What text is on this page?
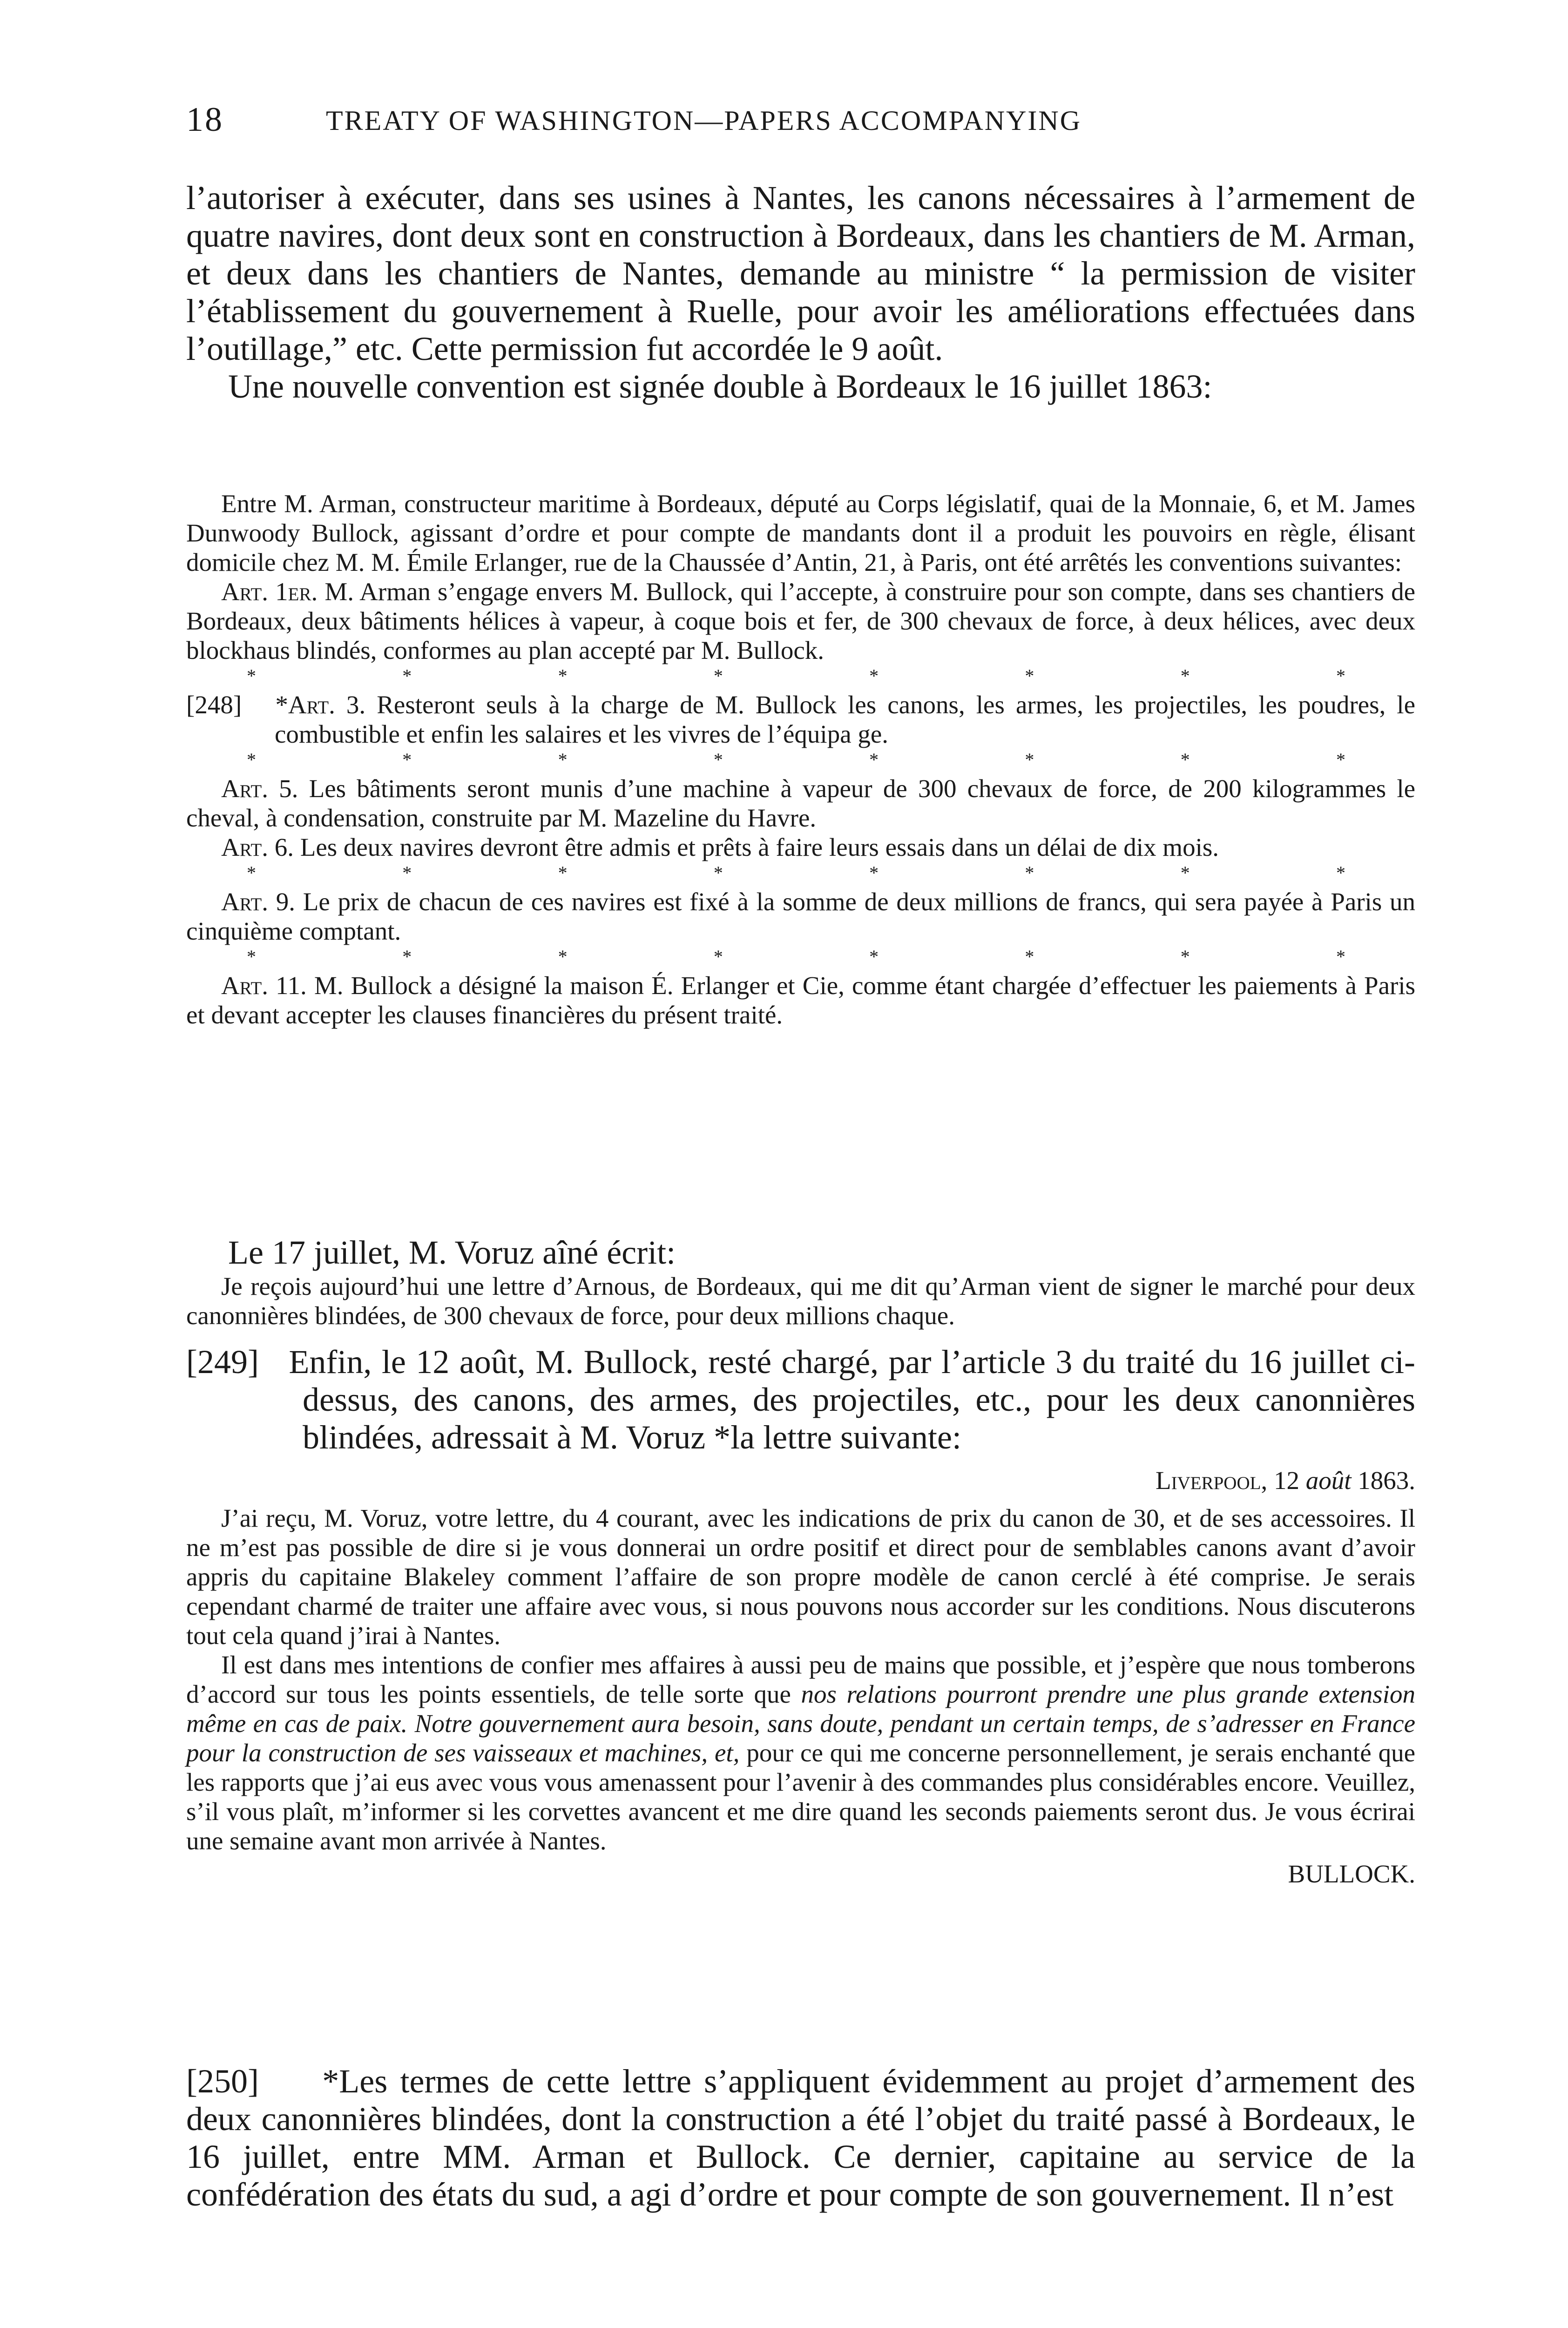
18	TREATY OF WASHINGTON—PAPERS ACCOMPANYING

l’autoriser à exécuter, dans ses usines à Nantes, les canons nécessaires à l’armement de quatre navires, dont deux sont en construction à Bordeaux, dans les chantiers de M. Arman, et deux dans les chantiers de Nantes, demande au ministre “ la permission de visiter l’établissement du gouvernement à Ruelle, pour avoir les améliorations effectuées dans l’outillage,” etc. Cette permission fut accordée le 9 août.

Une nouvelle convention est signée double à Bordeaux le 16 juillet 1863:

Entre M. Arman, constructeur maritime à Bordeaux, député au Corps législatif, quai de la Monnaie, 6, et M. James Dunwoody Bullock, agissant d’ordre et pour compte de mandants dont il a produit les pouvoirs en règle, élisant domicile chez M. M. Émile Erlanger, rue de la Chaussée d’Antin, 21, à Paris, ont été arrêtés les conventions suivantes:

Art. 1er. M. Arman s’engage envers M. Bullock, qui l’accepte, à construire pour son compte, dans ses chantiers de Bordeaux, deux bâtiments hélices à vapeur, à coque bois et fer, de 300 chevaux de force, à deux hélices, avec deux blockhaus blindés, conformes au plan accepté par M. Bullock.

*	*	*	*	*	*	*	*

[248] *Art. 3. Resteront seuls à la charge de M. Bullock les canons, les armes, les projectiles, les poudres, le combustible et enfin les salaires et les vivres de l’équipa ge.

*	*	*	*	*	*	*	*

Art. 5. Les bâtiments seront munis d’une machine à vapeur de 300 chevaux de force, de 200 kilogrammes le cheval, à condensation, construite par M. Mazeline du Havre.

Art. 6. Les deux navires devront être admis et prêts à faire leurs essais dans un délai de dix mois.

*	*	*	*	*	*	*	*

Art. 9. Le prix de chacun de ces navires est fixé à la somme de deux millions de francs, qui sera payée à Paris un cinquième comptant.

*	*	*	*	*	*	*	*

Art. 11. M. Bullock a désigné la maison É. Erlanger et Cie, comme étant chargée d’effectuer les paiements à Paris et devant accepter les clauses financières du présent traité.

Le 17 juillet, M. Voruz aîné écrit:

Je reçois aujourd’hui une lettre d’Arnous, de Bordeaux, qui me dit qu’Arman vient de signer le marché pour deux canonnières blindées, de 300 chevaux de force, pour deux millions chaque.

[249] Enfin, le 12 août, M. Bullock, resté chargé, par l’article 3 du traité du 16 juillet ci-dessus, des canons, des armes, des projectiles, etc., pour les deux canonnières blindées, adressait à M. Voruz *la lettre suivante:

Liverpool, 12 août 1863.

J’ai reçu, M. Voruz, votre lettre, du 4 courant, avec les indications de prix du canon de 30, et de ses accessoires. Il ne m’est pas possible de dire si je vous donnerai un ordre positif et direct pour de semblables canons avant d’avoir appris du capitaine Blakeley comment l’affaire de son propre modèle de canon cerclé à été comprise. Je serais cependant charmé de traiter une affaire avec vous, si nous pouvons nous accorder sur les conditions. Nous discuterons tout cela quand j’irai à Nantes.

Il est dans mes intentions de confier mes affaires à aussi peu de mains que possible, et j’espère que nous tomberons d’accord sur tous les points essentiels, de telle sorte que nos relations pourront prendre une plus grande extension même en cas de paix. Notre gouvernement aura besoin, sans doute, pendant un certain temps, de s’adresser en France pour la construction de ses vaisseaux et machines, et, pour ce qui me concerne personnellement, je serais enchanté que les rapports que j’ai eus avec vous vous amenassent pour l’avenir à des commandes plus considérables encore. Veuillez, s’il vous plaît, m’informer si les corvettes avancent et me dire quand les seconds paiements seront dus. Je vous écrirai une semaine avant mon arrivée à Nantes.

BULLOCK.

[250] *Les termes de cette lettre s’appliquent évidemment au projet d’armement des deux canonnières blindées, dont la construction a été l’objet du traité passé à Bordeaux, le 16 juillet, entre MM. Arman et Bullock. Ce dernier, capitaine au service de la confédération des états du sud, a agi d’ordre et pour compte de son gouvernement. Il n’est
